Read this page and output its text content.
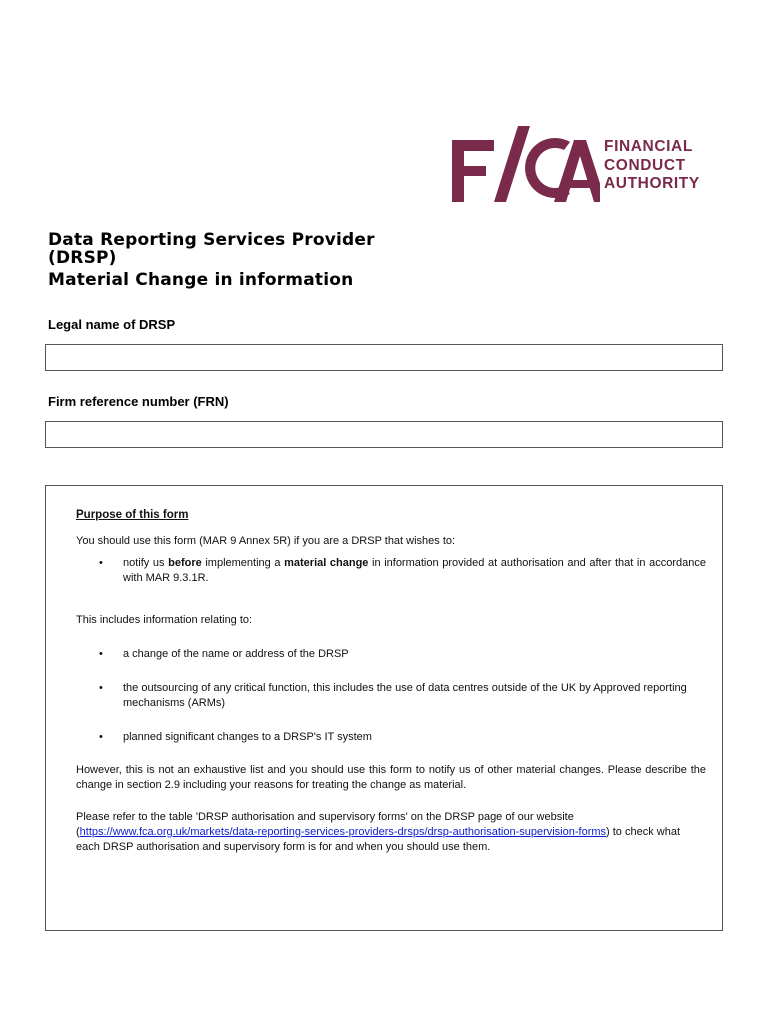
FINANCIAL
CONDUCT
AUTHORITY
Data Reporting Services Provider
(DRSP)
Material Change in information

Legal name of DRSP

Firm reference number (FRN)

Purpose of this form

You should use this form (MAR 9 Annex 5R) if you are a DRSP that wishes to:

• notify us before implementing a material change in information provided at authorisation and after that in accordance with MAR 9.3.1R.

This includes information relating to:

• a change of the name or address of the DRSP

• the outsourcing of any critical function, this includes the use of data centres outside of the UK by Approved reporting mechanisms (ARMs)

• planned significant changes to a DRSP's IT system

However, this is not an exhaustive list and you should use this form to notify us of other material changes. Please describe the change in section 2.9 including your reasons for treating the change as material.

Please refer to the table 'DRSP authorisation and supervisory forms' on the DRSP page of our website (https://www.fca.org.uk/markets/data-reporting-services-providers-drsps/drsp-authorisation-supervision-forms) to check what each DRSP authorisation and supervisory form is for and when you should use them.
